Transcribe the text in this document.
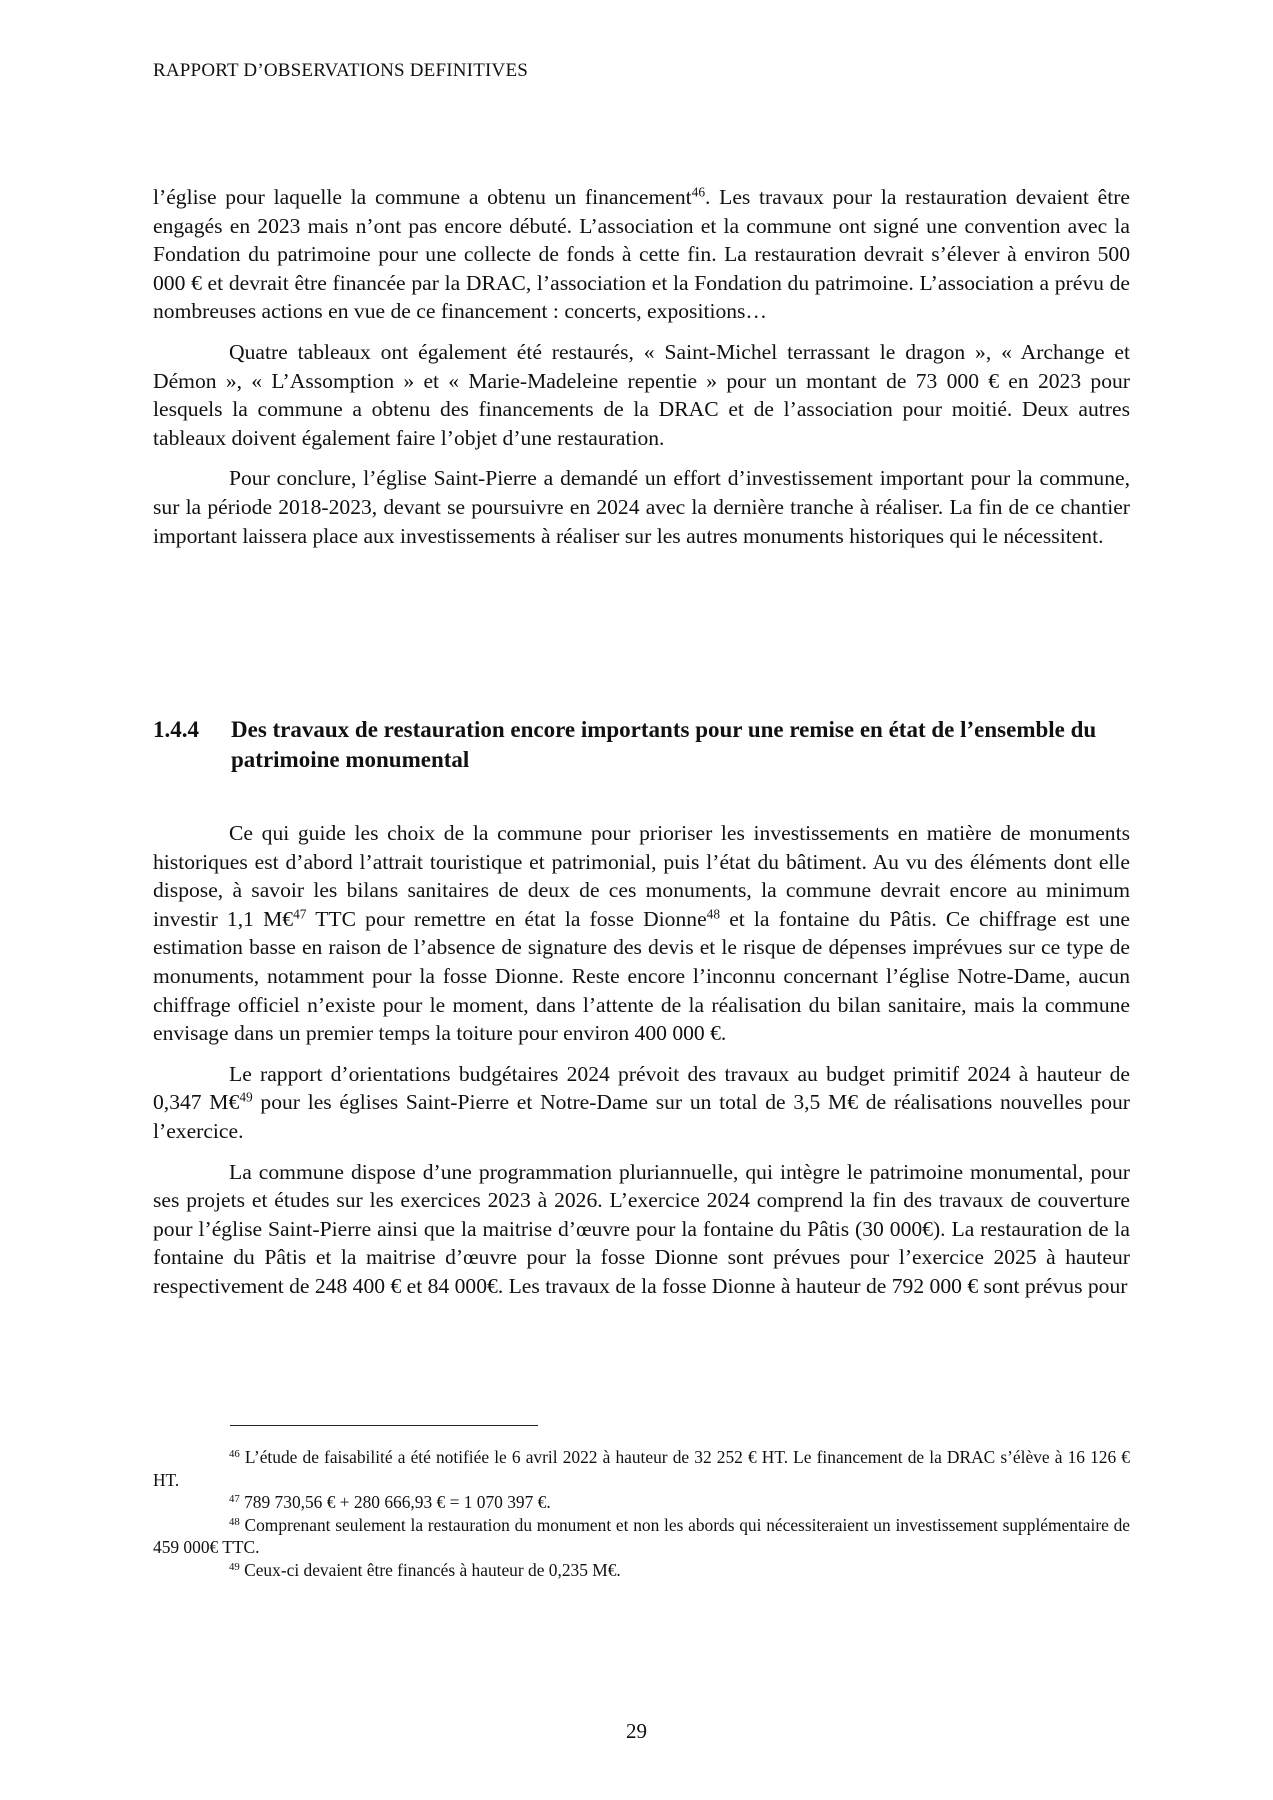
RAPPORT D’OBSERVATIONS DEFINITIVES

l’église pour laquelle la commune a obtenu un financement$^{46}$. Les travaux pour la restauration devaient être engagés en 2023 mais n’ont pas encore débuté. L’association et la commune ont signé une convention avec la Fondation du patrimoine pour une collecte de fonds à cette fin. La restauration devrait s’élever à environ 500 000 € et devrait être financée par la DRAC, l’association et la Fondation du patrimoine. L’association a prévu de nombreuses actions en vue de ce financement : concerts, expositions…

Quatre tableaux ont également été restaurés, « Saint-Michel terrassant le dragon », « Archange et Démon », « L’Assomption » et « Marie-Madeleine repentie » pour un montant de 73 000 € en 2023 pour lesquels la commune a obtenu des financements de la DRAC et de l’association pour moitié. Deux autres tableaux doivent également faire l’objet d’une restauration.

Pour conclure, l’église Saint-Pierre a demandé un effort d’investissement important pour la commune, sur la période 2018-2023, devant se poursuivre en 2024 avec la dernière tranche à réaliser. La fin de ce chantier important laissera place aux investissements à réaliser sur les autres monuments historiques qui le nécessitent.

1.4.4	Des travaux de restauration encore importants pour une remise en état de l’ensemble du patrimoine monumental

Ce qui guide les choix de la commune pour prioriser les investissements en matière de monuments historiques est d’abord l’attrait touristique et patrimonial, puis l’état du bâtiment. Au vu des éléments dont elle dispose, à savoir les bilans sanitaires de deux de ces monuments, la commune devrait encore au minimum investir 1,1 M€$^{47}$ TTC pour remettre en état la fosse Dionne$^{48}$ et la fontaine du Pâtis. Ce chiffrage est une estimation basse en raison de l’absence de signature des devis et le risque de dépenses imprévues sur ce type de monuments, notamment pour la fosse Dionne. Reste encore l’inconnu concernant l’église Notre-Dame, aucun chiffrage officiel n’existe pour le moment, dans l’attente de la réalisation du bilan sanitaire, mais la commune envisage dans un premier temps la toiture pour environ 400 000 €.

Le rapport d’orientations budgétaires 2024 prévoit des travaux au budget primitif 2024 à hauteur de 0,347 M€$^{49}$ pour les églises Saint-Pierre et Notre-Dame sur un total de 3,5 M€ de réalisations nouvelles pour l’exercice.

La commune dispose d’une programmation pluriannuelle, qui intègre le patrimoine monumental, pour ses projets et études sur les exercices 2023 à 2026. L’exercice 2024 comprend la fin des travaux de couverture pour l’église Saint-Pierre ainsi que la maitrise d’œuvre pour la fontaine du Pâtis (30 000€). La restauration de la fontaine du Pâtis et la maitrise d’œuvre pour la fosse Dionne sont prévues pour l’exercice 2025 à hauteur respectivement de 248 400 € et 84 000€. Les travaux de la fosse Dionne à hauteur de 792 000 € sont prévus pour

$^{46}$ L’étude de faisabilité a été notifiée le 6 avril 2022 à hauteur de 32 252 € HT. Le financement de la DRAC s’élève à 16 126 € HT.

$^{47}$ 789 730,56 € + 280 666,93 € = 1 070 397 €.

$^{48}$ Comprenant seulement la restauration du monument et non les abords qui nécessiteraient un investissement supplémentaire de 459 000€ TTC.

$^{49}$ Ceux-ci devaient être financés à hauteur de 0,235 M€.

29
